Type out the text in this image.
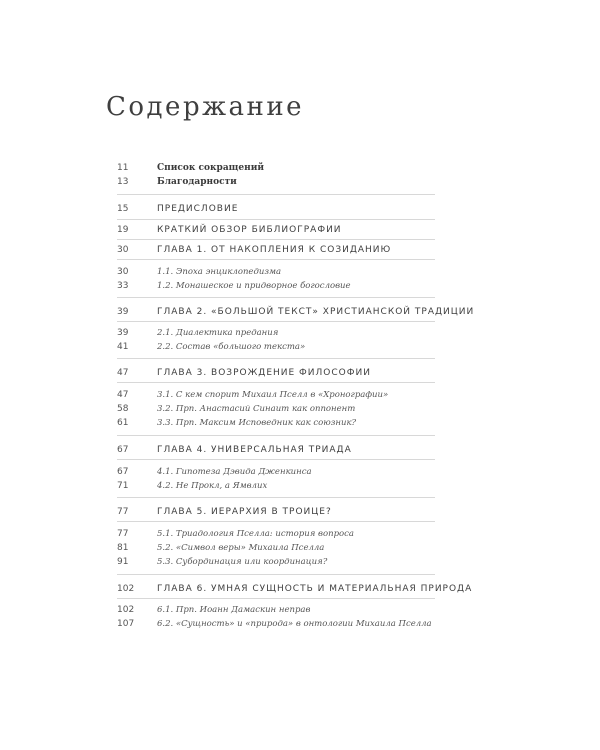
Содержание
11	Список сокращений
13	Благодарности
15	ПРЕДИСЛОВИЕ
19	КРАТКИЙ ОБЗОР БИБЛИОГРАФИИ
30	ГЛАВА 1. ОТ НАКОПЛЕНИЯ К СОЗИДАНИЮ
30	1.1. Эпоха энциклопедизма
33	1.2. Монашеское и придворное богословие
39	ГЛАВА 2. «БОЛЬШОЙ ТЕКСТ» ХРИСТИАНСКОЙ ТРАДИЦИИ
39	2.1. Диалектика предания
41	2.2. Состав «большого текста»
47	ГЛАВА 3. ВОЗРОЖДЕНИЕ ФИЛОСОФИИ
47	3.1. С кем спорит Михаил Пселл в «Хронографии»
58	3.2. Прп. Анастасий Синаит как оппонент
61	3.3. Прп. Максим Исповедник как союзник?
67	ГЛАВА 4. УНИВЕРСАЛЬНАЯ ТРИАДА
67	4.1. Гипотеза Дэвида Дженкинса
71	4.2. Не Прокл, а Ямвлих
77	ГЛАВА 5. ИЕРАРХИЯ В ТРОИЦЕ?
77	5.1. Триадология Пселла: история вопроса
81	5.2. «Символ веры» Михаила Пселла
91	5.3. Субординация или координация?
102	ГЛАВА 6. УМНАЯ СУЩНОСТЬ И МАТЕРИАЛЬНАЯ ПРИРОДА
102	6.1. Прп. Иоанн Дамаскин неправ
107	6.2. «Сущность» и «природа» в онтологии Михаила Пселла
